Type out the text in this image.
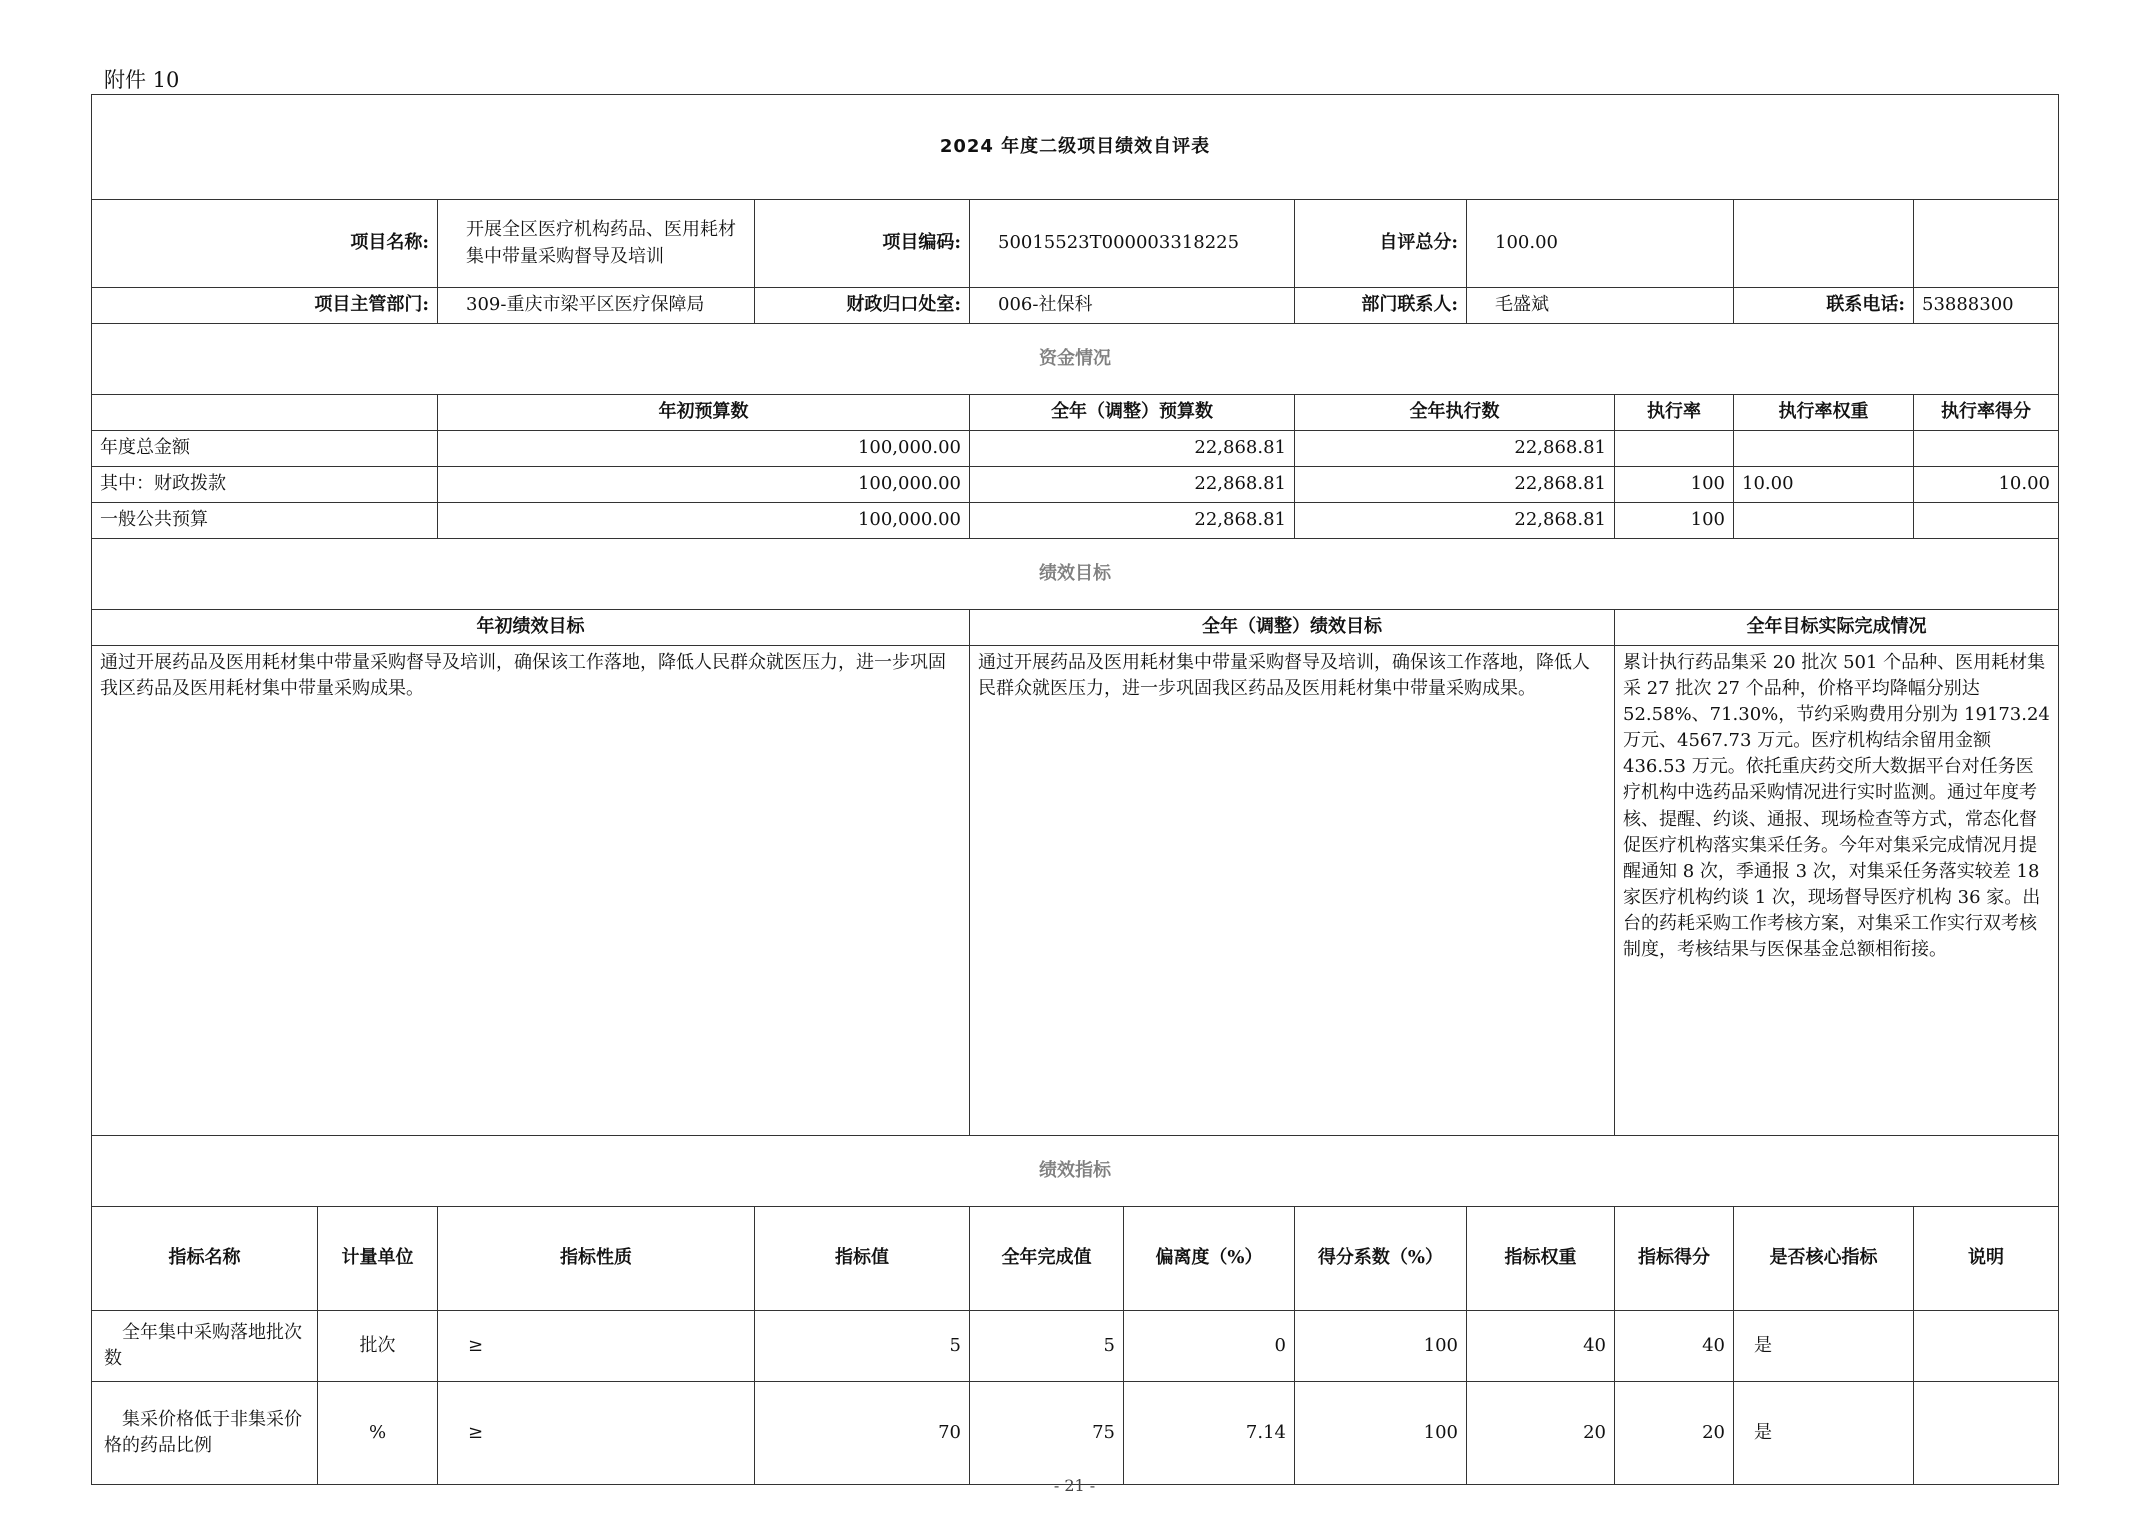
附件 10
2024 年度二级项目绩效自评表										
项目名称:		开展全区医疗机构药品、医用耗材集中带量采购督导及培训	项目编码:	50015523T000003318225		自评总分:	100.00			
项目主管部门:		309-重庆市梁平区医疗保障局	财政归口处室:	006-社保科		部门联系人:	毛盛斌		联系电话:	53888300
资金情况										
		年初预算数		全年（调整）预算数		全年执行数		执行率	执行率权重	执行率得分
年度总金额		100,000.00		22,868.81		22,868.81				
其中：财政拨款		100,000.00		22,868.81		22,868.81		100	10.00	10.00
一般公共预算		100,000.00		22,868.81		22,868.81		100		
绩效目标										
年初绩效目标				全年（调整）绩效目标				全年目标实际完成情况		
通过开展药品及医用耗材集中带量采购督导及培训，确保该工作落地，降低人民群众就医压力，进一步巩固我区药品及医用耗材集中带量采购成果。				通过开展药品及医用耗材集中带量采购督导及培训，确保该工作落地，降低人民群众就医压力，进一步巩固我区药品及医用耗材集中带量采购成果。				累计执行药品集采 20 批次 501 个品种、医用耗材集采 27 批次 27 个品种，价格平均降幅分别达 52.58%、71.30%，节约采购费用分别为 19173.24 万元、4567.73 万元。医疗机构结余留用金额 436.53 万元。依托重庆药交所大数据平台对任务医疗机构中选药品采购情况进行实时监测。通过年度考核、提醒、约谈、通报、现场检查等方式，常态化督促医疗机构落实集采任务。今年对集采完成情况月提醒通知 8 次，季通报 3 次，对集采任务落实较差 18 家医疗机构约谈 1 次，现场督导医疗机构 36 家。出台的药耗采购工作考核方案，对集采工作实行双考核制度，考核结果与医保基金总额相衔接。		
绩效指标										
指标名称	计量单位	指标性质	指标值	全年完成值	偏离度（%）	得分系数（%）	指标权重	指标得分	是否核心指标	说明
全年集中采购落地批次数	批次	≥	5	5	0	100	40	40	是	
集采价格低于非集采价格的药品比例	%	≥	70	75	7.14	100	20	20	是	
- 21 -
